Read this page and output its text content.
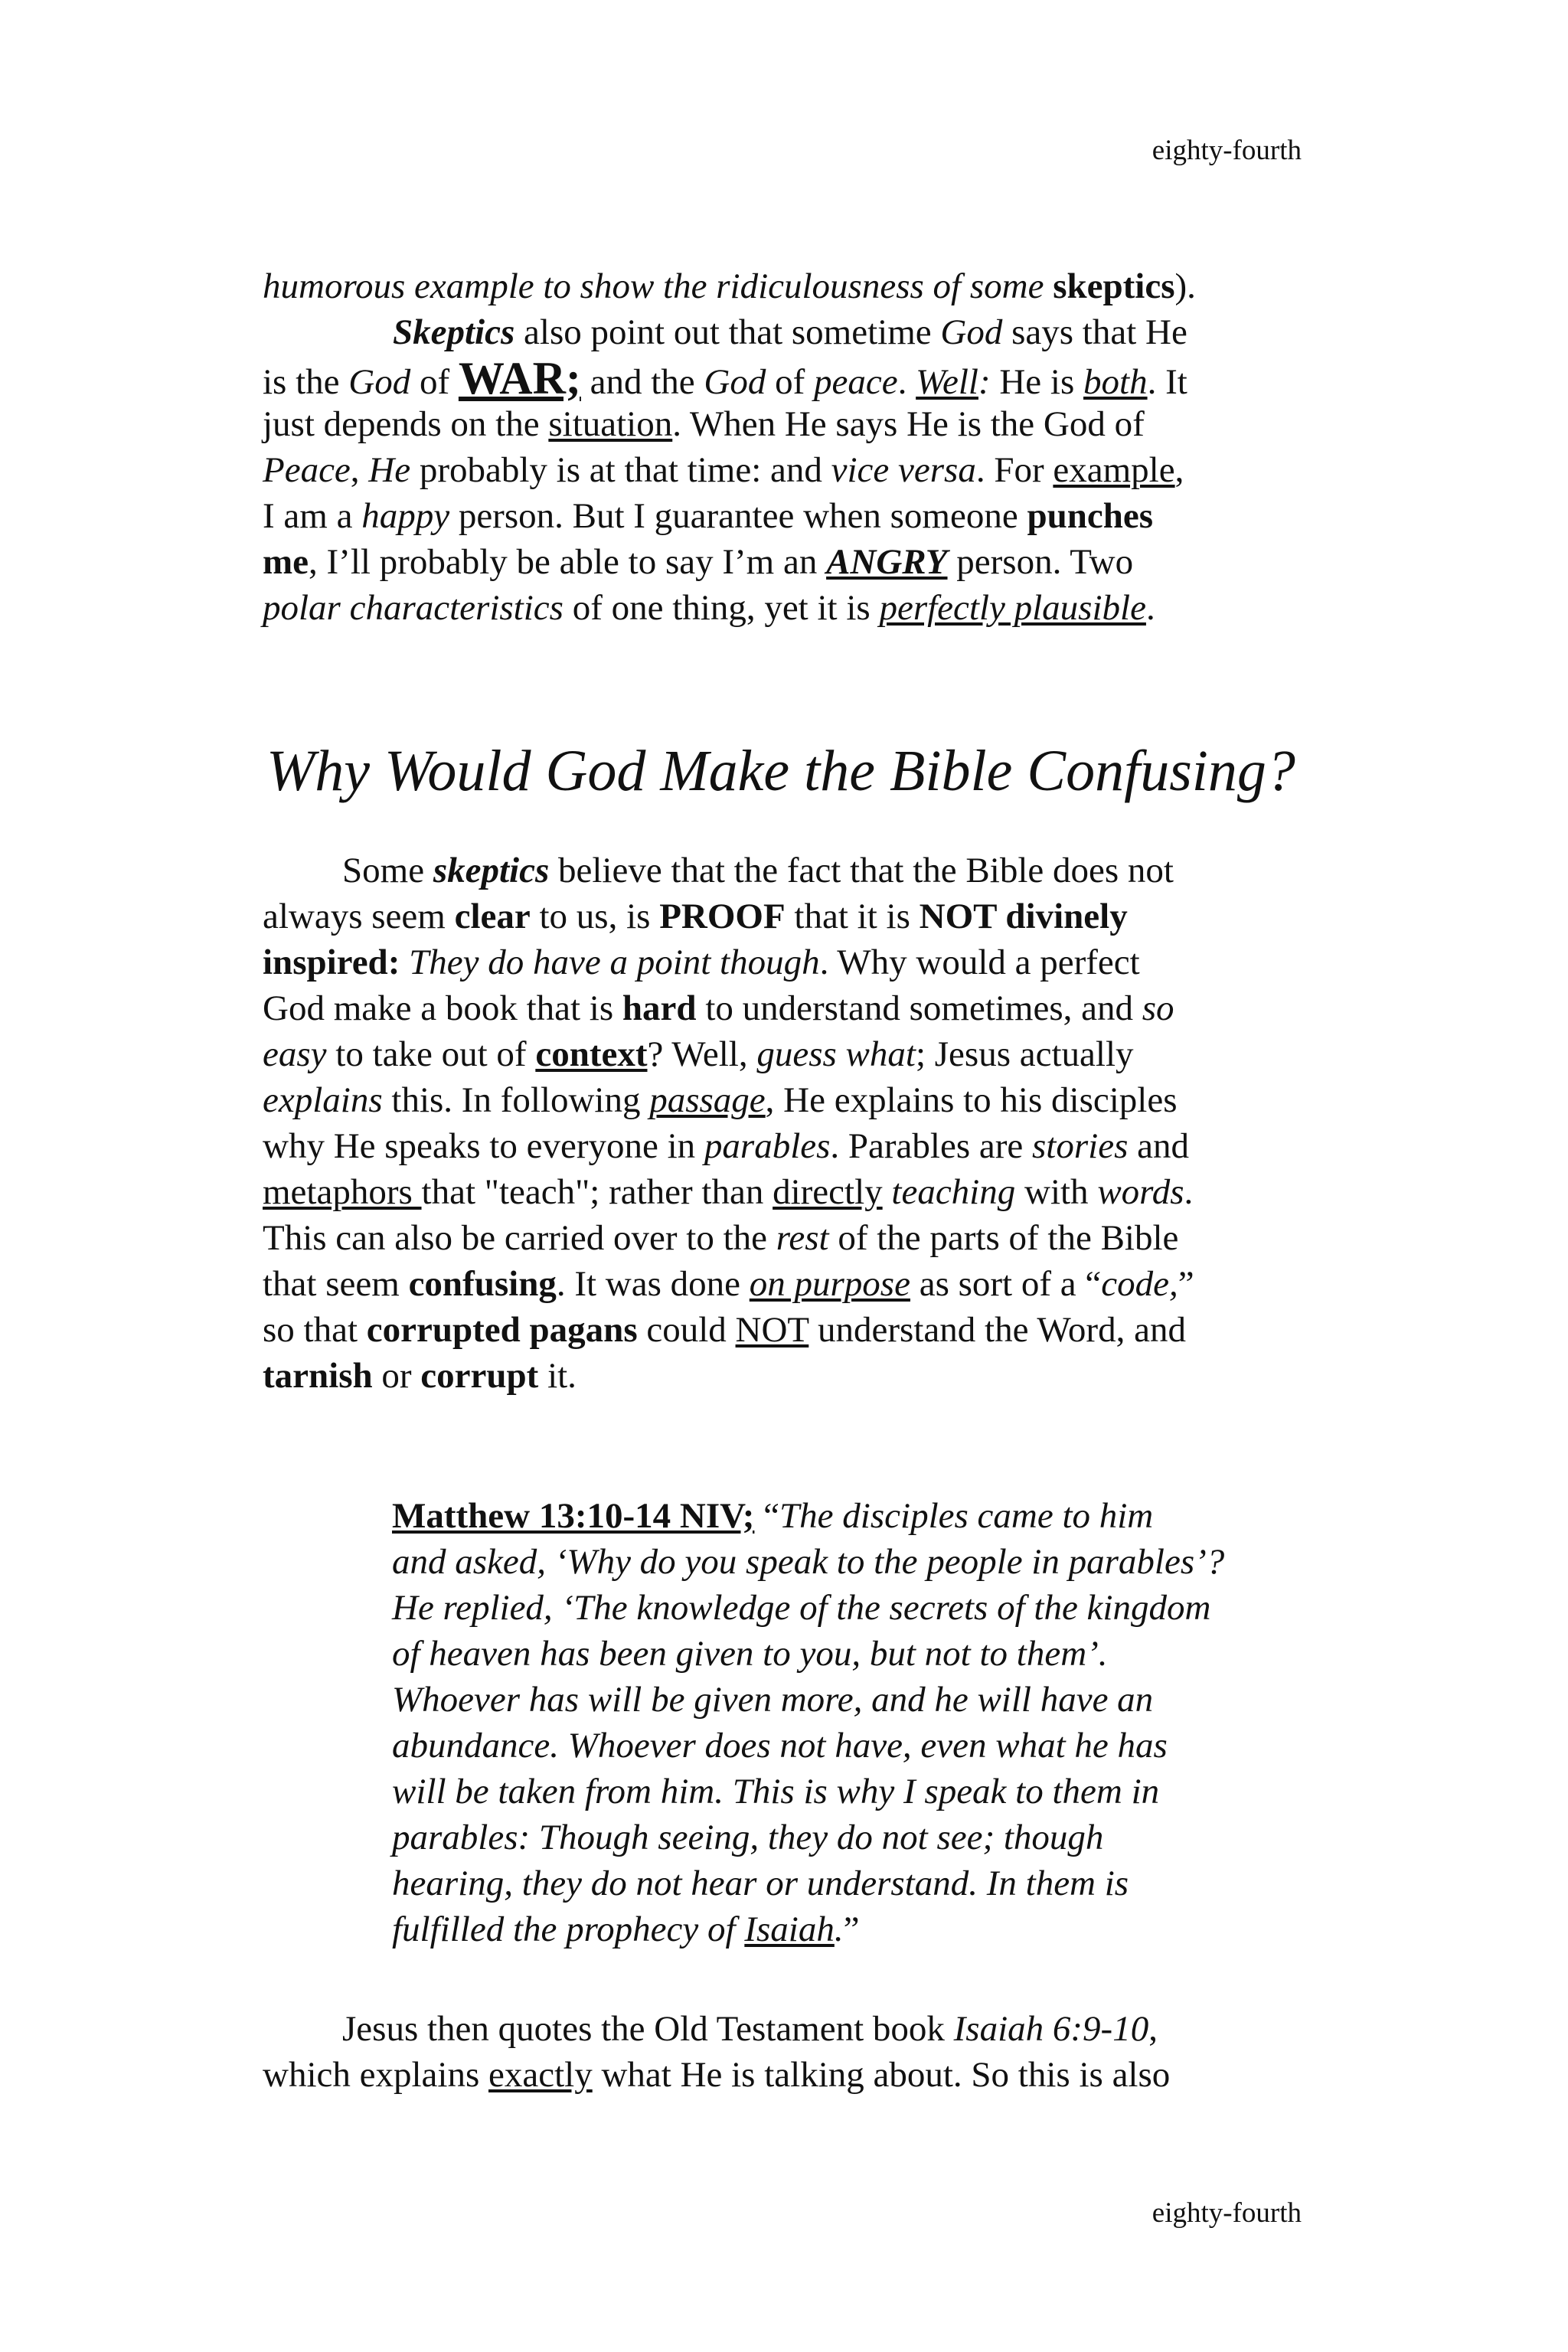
eighty-fourth

humorous example to show the ridiculousness of some skeptics).

Skeptics also point out that sometime God says that He
is the God of WAR; and the God of peace. Well: He is both. It
just depends on the situation. When He says He is the God of
Peace, He probably is at that time: and vice versa. For example,
I am a happy person. But I guarantee when someone punches
me, I’ll probably be able to say I’m an ANGRY person. Two
polar characteristics of one thing, yet it is perfectly plausible.

Why Would God Make the Bible Confusing?

Some skeptics believe that the fact that the Bible does not
always seem clear to us, is PROOF that it is NOT divinely
inspired: They do have a point though. Why would a perfect
God make a book that is hard to understand sometimes, and so
easy to take out of context? Well, guess what; Jesus actually
explains this. In following passage, He explains to his disciples
why He speaks to everyone in parables. Parables are stories and
metaphors that "teach"; rather than directly teaching with words.
This can also be carried over to the rest of the parts of the Bible
that seem confusing. It was done on purpose as sort of a “code,”
so that corrupted pagans could NOT understand the Word, and
tarnish or corrupt it.

Matthew 13:10-14 NIV; “The disciples came to him
and asked, ‘Why do you speak to the people in parables’?
He replied, ‘The knowledge of the secrets of the kingdom
of heaven has been given to you, but not to them’.
Whoever has will be given more, and he will have an
abundance. Whoever does not have, even what he has
will be taken from him. This is why I speak to them in
parables: Though seeing, they do not see; though
hearing, they do not hear or understand. In them is
fulfilled the prophecy of Isaiah.”

Jesus then quotes the Old Testament book Isaiah 6:9-10,
which explains exactly what He is talking about. So this is also

eighty-fourth
